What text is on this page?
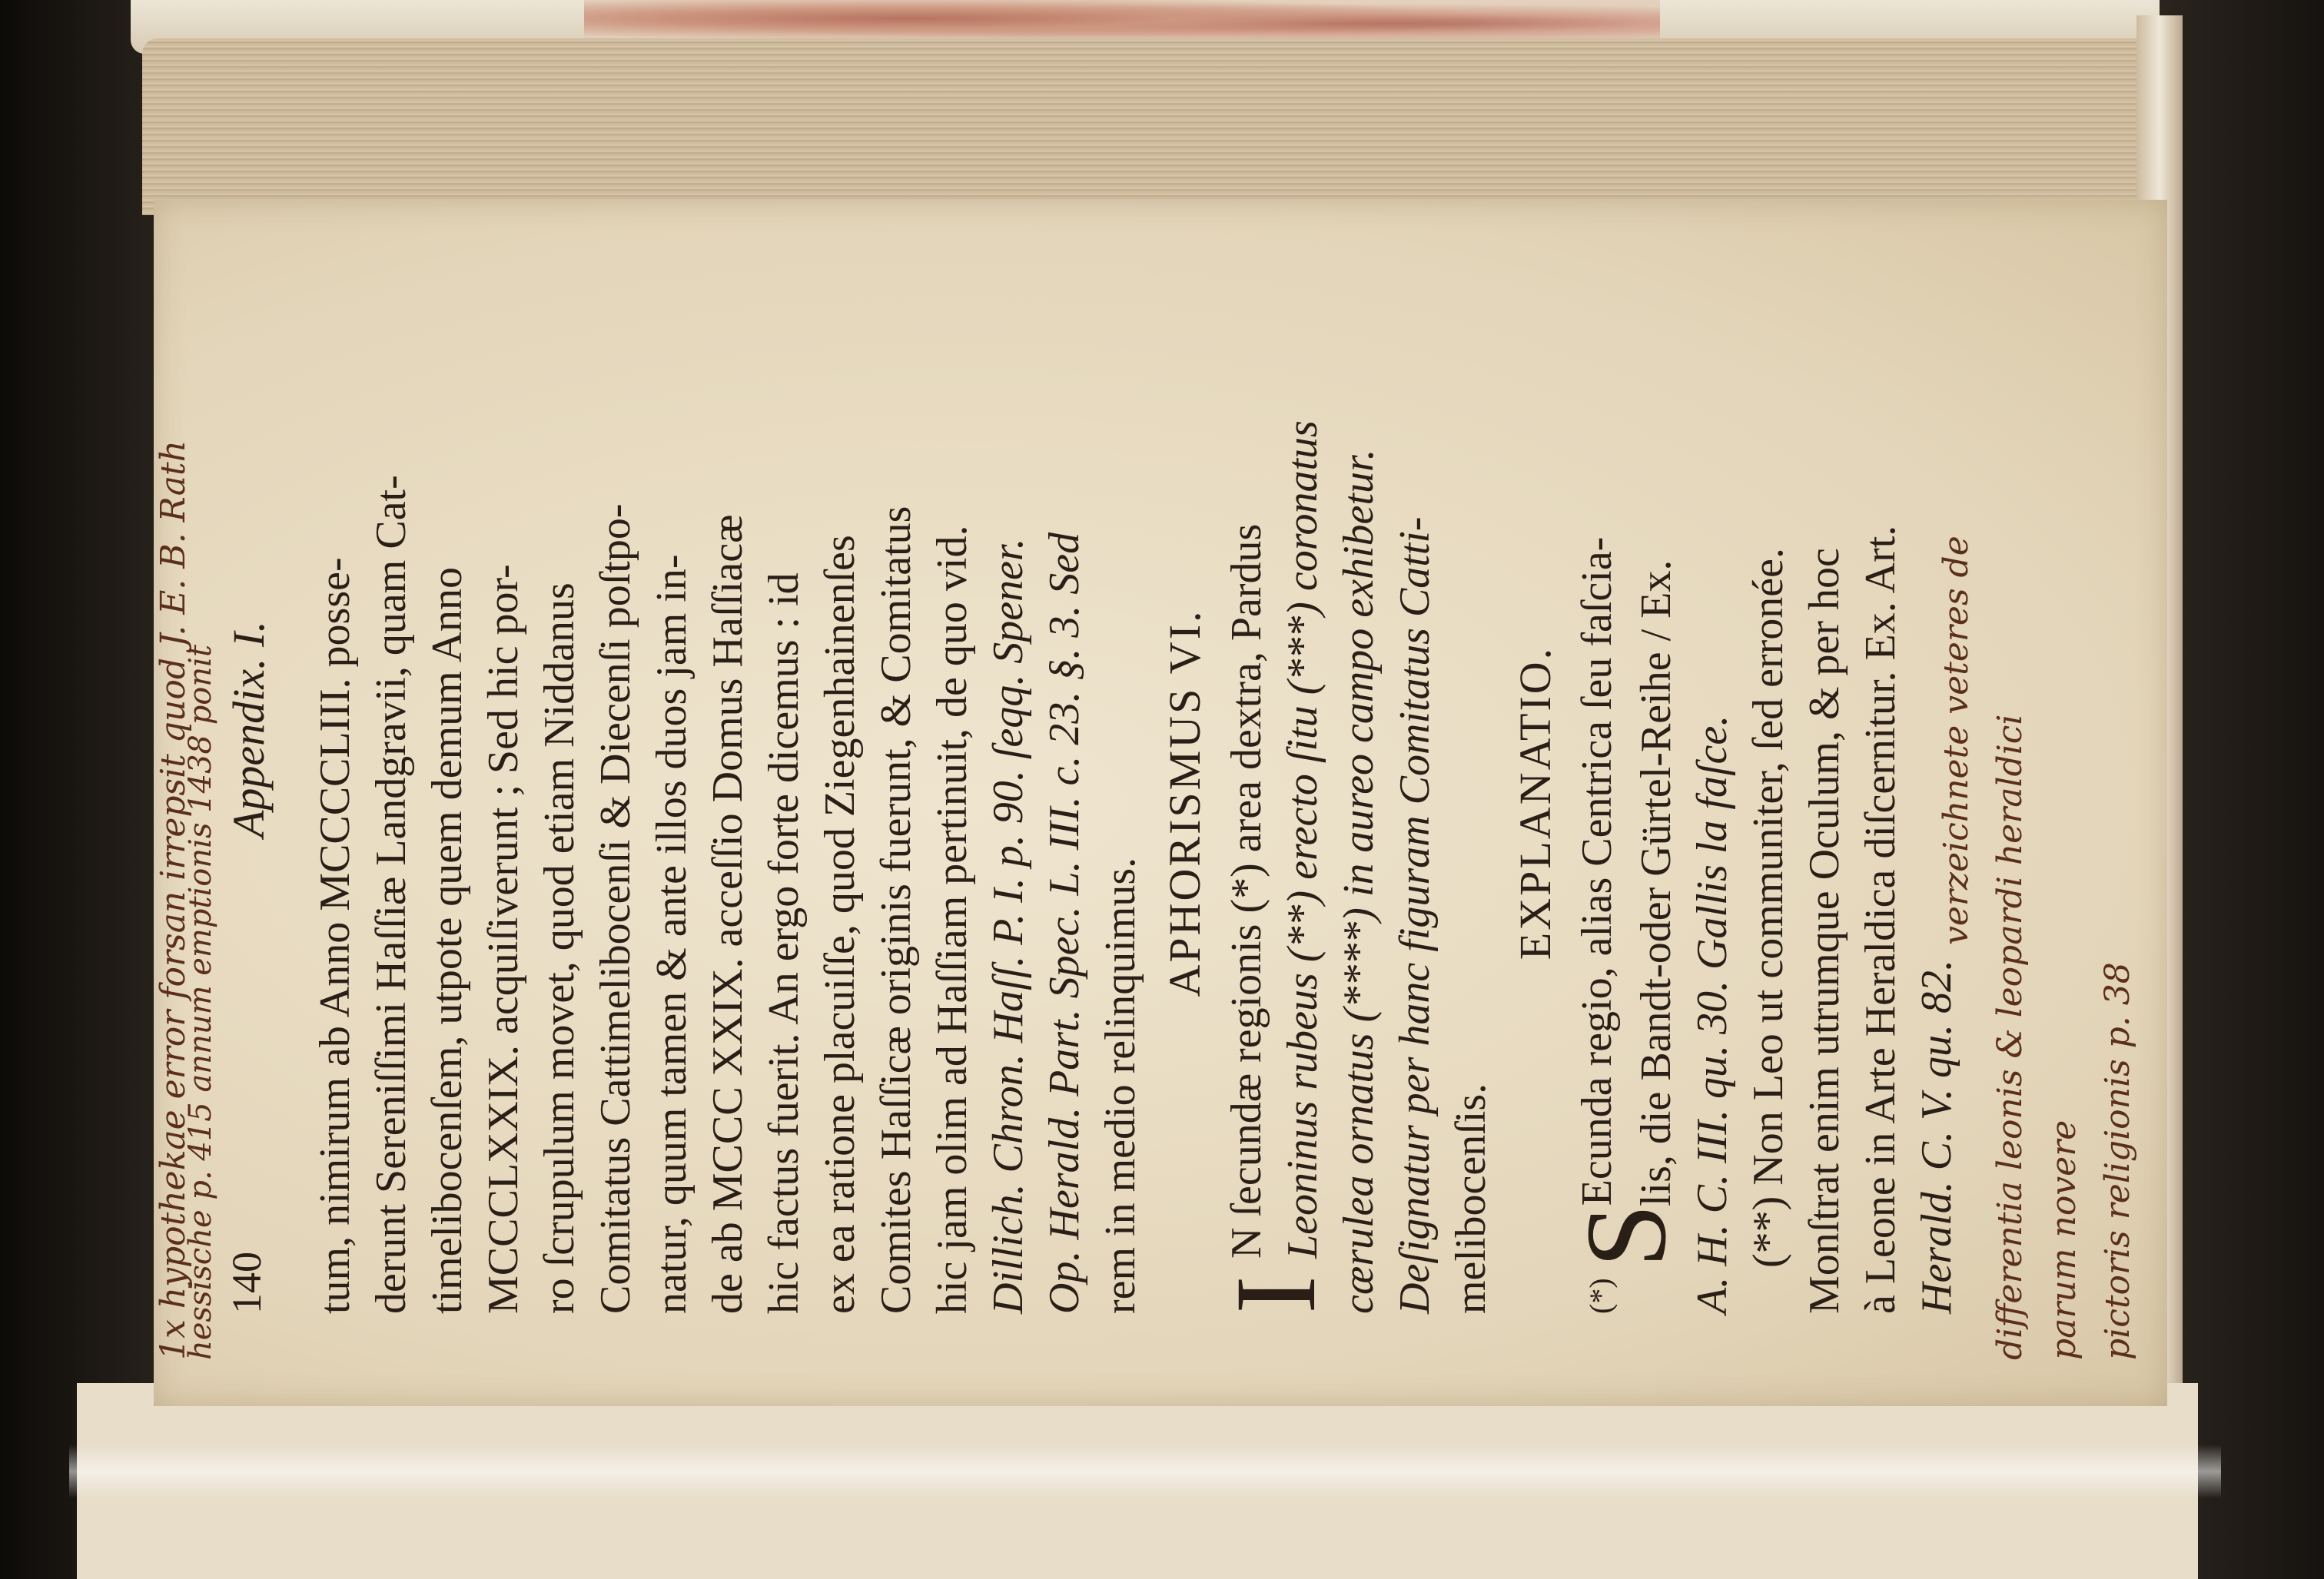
140
Appendix. I. tum, nimirum ab Anno MCCCCLIII. posse- derunt Sereniſſimi Haſſiæ Landgravii, quam Cat- timelibocenſem, utpote quem demum Anno MCCCLXXIX. acquiſiverunt ; Sed hic por- ro ſcrupulum movet, quod etiam Niddanus Comitatus Cattimelibocenſi & Diecenſi poſtpo- natur, quum tamen & ante illos duos jam in- de ab MCCC XXIX. acceſſio Domus Haſſiacæ hic factus fuerit. An ergo forte dicemus : id ex ea ratione placuiſſe, quod Ziegenhainenſes Comites Haſſicæ originis fuerunt, & Comitatus hic jam olim ad Haſſiam pertinuit, de quo vid. Dillich. Chron. Haſſ. P. I. p. 90. ſeqq. Spener. Op. Herald. Part. Spec. L. III. c. 23. §. 3. Sed rem in medio relinquimus.
APHORISMUS VI.
I
N ſecundæ regionis (*) area dextra, Pardus Leoninus rubeus (**) erecto ſitu (***) coronatus cærulea ornatus (****) in aureo campo exhibetur. Deſignatur per hanc figuram Comitatus Catti- melibocenſis.
EXPLANATIO.
S
(*) Ecunda regio, alias Centrica ſeu faſcia- lis, die Bandt-oder Gürtel-Reihe / Ex. A. H. C. III. qu. 30. Gallis la faſce. (**) Non Leo ut communiter, ſed erronée. Monſtrat enim utrumque Oculum, & per hoc à Leone in Arte Heraldica diſcernitur. Ex. Art. Herald. C. V. qu. 82.
1x hypothekae error forsan irrepsit quod J. E. B. Rath
hessische p. 415 annum emptionis 1438 ponit	verzeichnete veteres de differentia leonis & leopardi heraldici parum novere pictoris religionis p. 38
